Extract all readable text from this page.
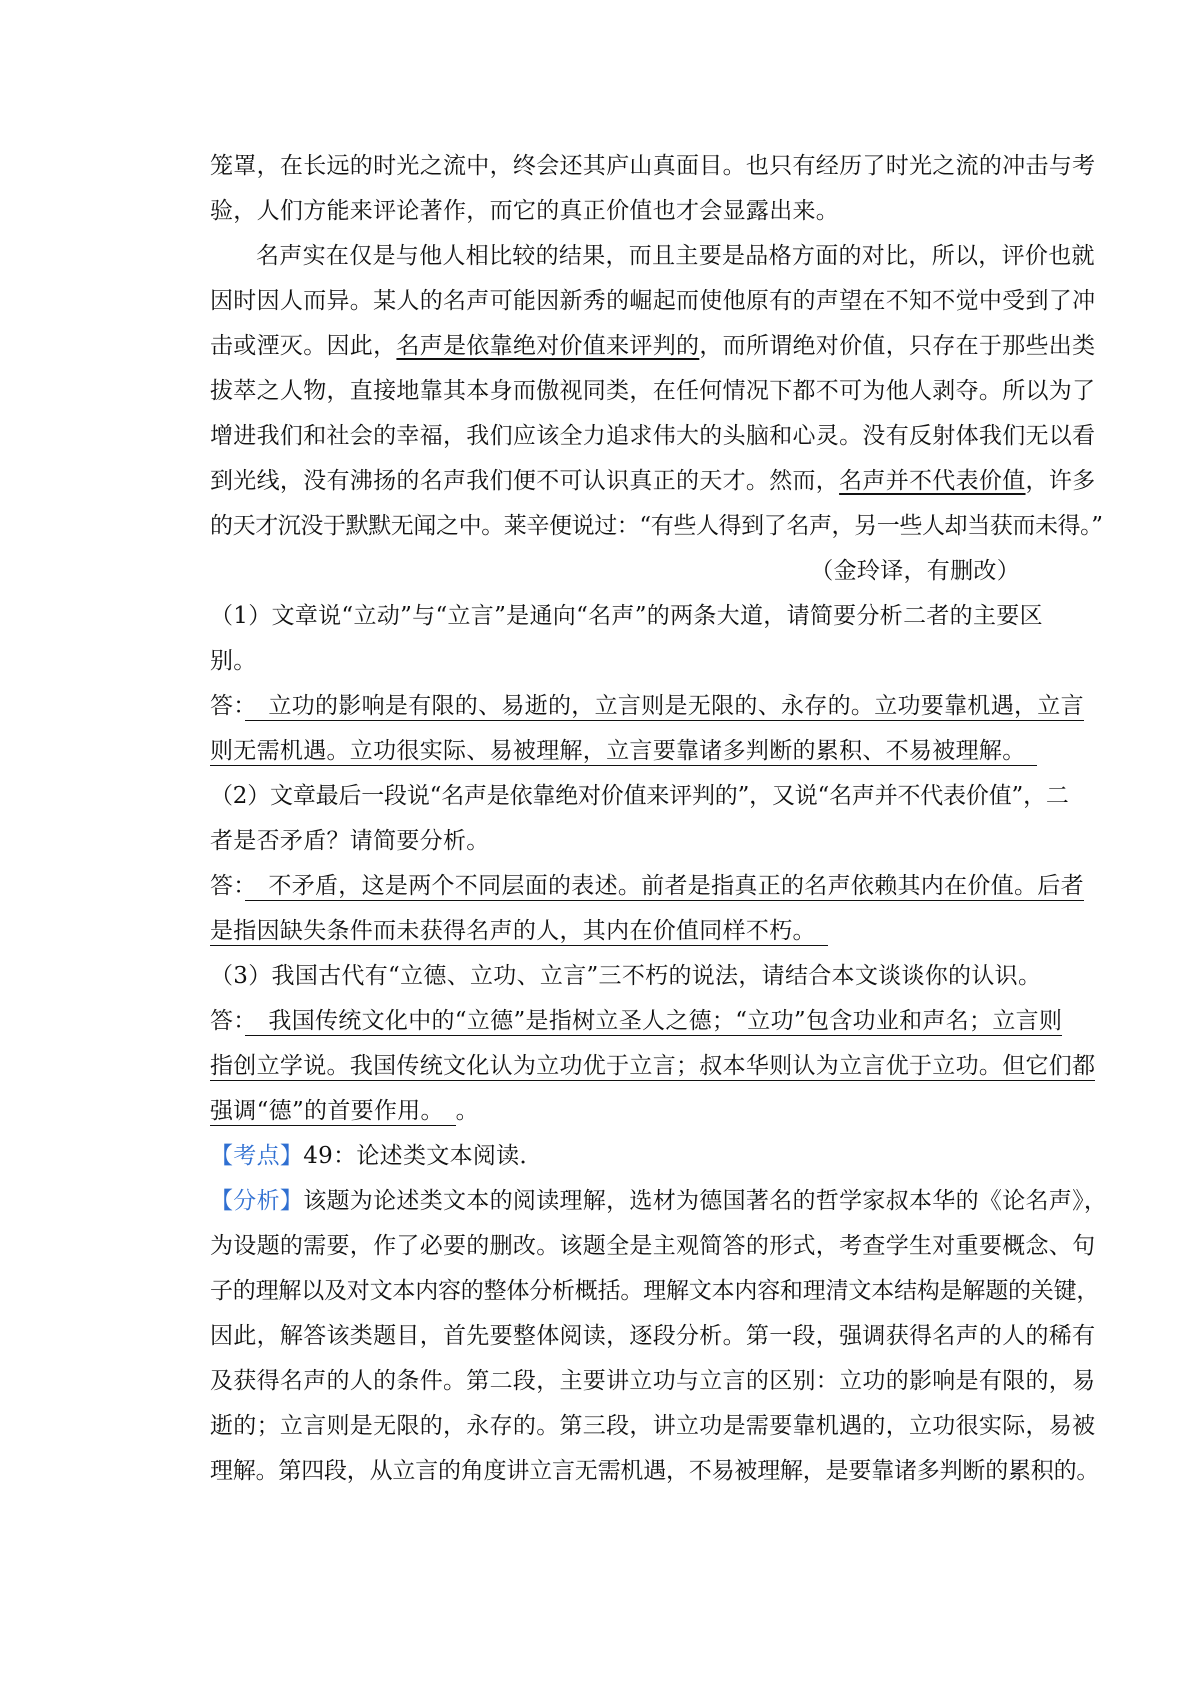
笼罩，在长远的时光之流中，终会还其庐山真面目。也只有经历了时光之流的冲击与考
验，人们方能来评论著作，而它的真正价值也才会显露出来。
名声实在仅是与他人相比较的结果，而且主要是品格方面的对比，所以，评价也就
因时因人而异。某人的名声可能因新秀的崛起而使他原有的声望在不知不觉中受到了冲
击或湮灭。因此，名声是依靠绝对价值来评判的，而所谓绝对价值，只存在于那些出类
拔萃之人物，直接地靠其本身而傲视同类，在任何情况下都不可为他人剥夺。所以为了
增进我们和社会的幸福，我们应该全力追求伟大的头脑和心灵。没有反射体我们无以看
到光线，没有沸扬的名声我们便不可认识真正的天才。然而，名声并不代表价值，许多
的天才沉没于默默无闻之中。莱辛便说过：“有些人得到了名声，另一些人却当获而未得。”
（金玲译，有删改）
（1）文章说“立动”与“立言”是通向“名声”的两条大道，请简要分析二者的主要区
别。
答：　立功的影响是有限的、易逝的，立言则是无限的、永存的。立功要靠机遇，立言
则无需机遇。立功很实际、易被理解，立言要靠诸多判断的累积、不易被理解。　
（2）文章最后一段说“名声是依靠绝对价值来评判的”，又说“名声并不代表价值”，二
者是否矛盾？请简要分析。
答：　不矛盾，这是两个不同层面的表述。前者是指真正的名声依赖其内在价值。后者
是指因缺失条件而未获得名声的人，其内在价值同样不朽。　
（3）我国古代有“立德、立功、立言”三不朽的说法，请结合本文谈谈你的认识。
答：　我国传统文化中的“立德”是指树立圣人之德；“立功”包含功业和声名；立言则
指创立学说。我国传统文化认为立功优于立言；叔本华则认为立言优于立功。但它们都
强调“德”的首要作用。　。
【考点】49：论述类文本阅读．
【分析】该题为论述类文本的阅读理解，选材为德国著名的哲学家叔本华的《论名声》，
为设题的需要，作了必要的删改。该题全是主观简答的形式，考查学生对重要概念、句
子的理解以及对文本内容的整体分析概括。理解文本内容和理清文本结构是解题的关键，
因此，解答该类题目，首先要整体阅读，逐段分析。第一段，强调获得名声的人的稀有
及获得名声的人的条件。第二段，主要讲立功与立言的区别：立功的影响是有限的，易
逝的；立言则是无限的，永存的。第三段，讲立功是需要靠机遇的，立功很实际，易被
理解。第四段，从立言的角度讲立言无需机遇，不易被理解，是要靠诸多判断的累积的。
